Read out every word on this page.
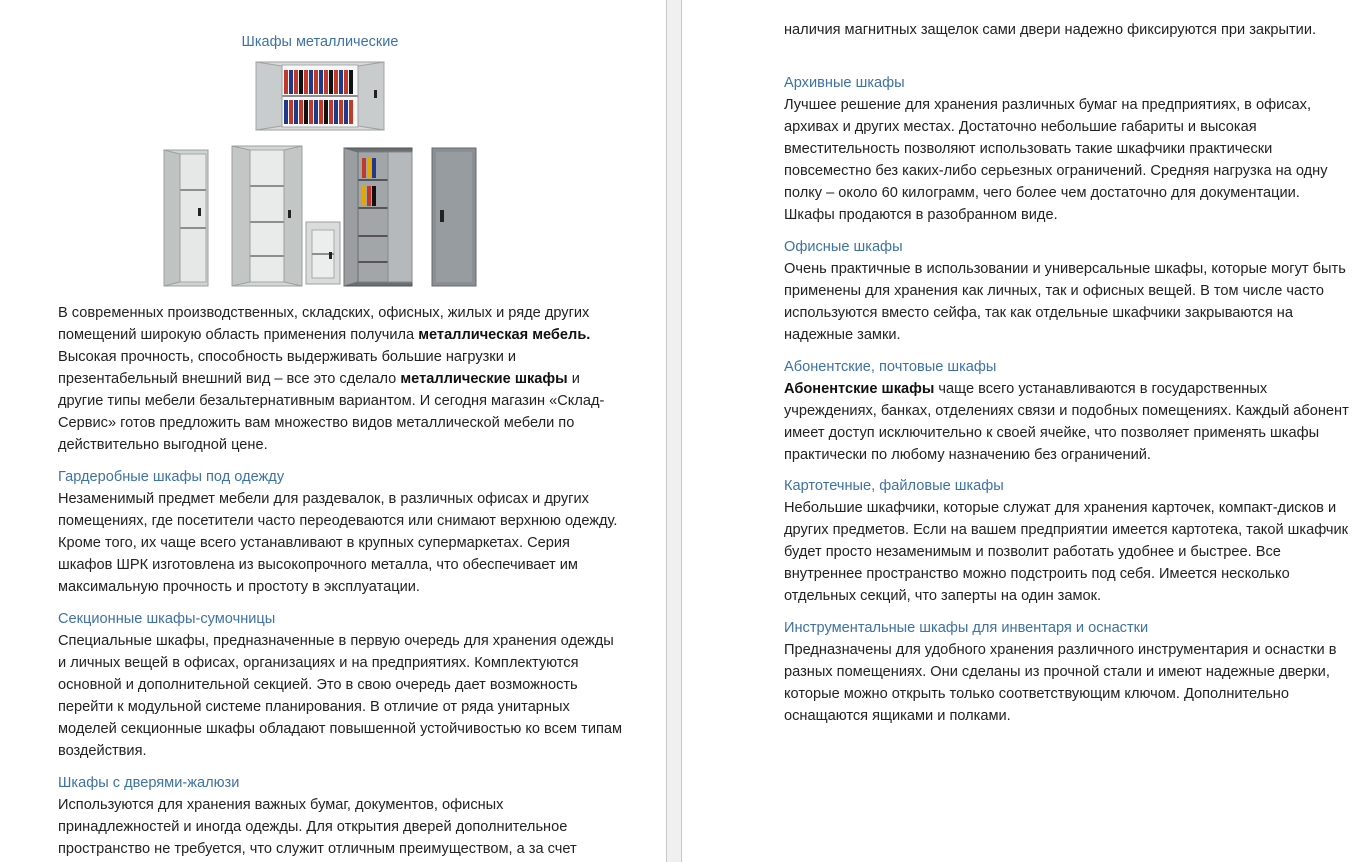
Шкафы металлические

В современных производственных, складских, офисных, жилых и ряде других помещений широкую область применения получила металлическая мебель. Высокая прочность, способность выдерживать большие нагрузки и презентабельный внешний вид – все это сделало металлические шкафы и другие типы мебели безальтернативным вариантом. И сегодня магазин «Склад-Сервис» готов предложить вам множество видов металлической мебели по действительно выгодной цене.

Гардеробные шкафы под одежду

Незаменимый предмет мебели для раздевалок, в различных офисах и других помещениях, где посетители часто переодеваются или снимают верхнюю одежду. Кроме того, их чаще всего устанавливают в крупных супермаркетах. Серия шкафов ШРК изготовлена из высокопрочного металла, что обеспечивает им максимальную прочность и простоту в эксплуатации.

Секционные шкафы-сумочницы

Специальные шкафы, предназначенные в первую очередь для хранения одежды и личных вещей в офисах, организациях и на предприятиях. Комплектуются основной и дополнительной секцией. Это в свою очередь дает возможность перейти к модульной системе планирования. В отличие от ряда унитарных моделей секционные шкафы обладают повышенной устойчивостью ко всем типам воздействия.

Шкафы с дверями-жалюзи

Используются для хранения важных бумаг, документов, офисных принадлежностей и иногда одежды. Для открытия дверей дополнительное пространство не требуется, что служит отличным преимуществом, а за счет

наличия магнитных защелок сами двери надежно фиксируются при закрытии.

Архивные шкафы

Лучшее решение для хранения различных бумаг на предприятиях, в офисах, архивах и других местах. Достаточно небольшие габариты и высокая вместительность позволяют использовать такие шкафчики практически повсеместно без каких-либо серьезных ограничений. Средняя нагрузка на одну полку – около 60 килограмм, чего более чем достаточно для документации. Шкафы продаются в разобранном виде.

Офисные шкафы

Очень практичные в использовании и универсальные шкафы, которые могут быть применены для хранения как личных, так и офисных вещей. В том числе часто используются вместо сейфа, так как отдельные шкафчики закрываются на надежные замки.

Абонентские, почтовые шкафы

Абонентские шкафы чаще всего устанавливаются в государственных учреждениях, банках, отделениях связи и подобных помещениях. Каждый абонент имеет доступ исключительно к своей ячейке, что позволяет применять шкафы практически по любому назначению без ограничений.

Картотечные, файловые шкафы

Небольшие шкафчики, которые служат для хранения карточек, компакт-дисков и других предметов. Если на вашем предприятии имеется картотека, такой шкафчик будет просто незаменимым и позволит работать удобнее и быстрее. Все внутреннее пространство можно подстроить под себя. Имеется несколько отдельных секций, что заперты на один замок.

Инструментальные шкафы для инвентаря и оснастки

Предназначены для удобного хранения различного инструментария и оснастки в разных помещениях. Они сделаны из прочной стали и имеют надежные дверки, которые можно открыть только соответствующим ключом. Дополнительно оснащаются ящиками и полками.
